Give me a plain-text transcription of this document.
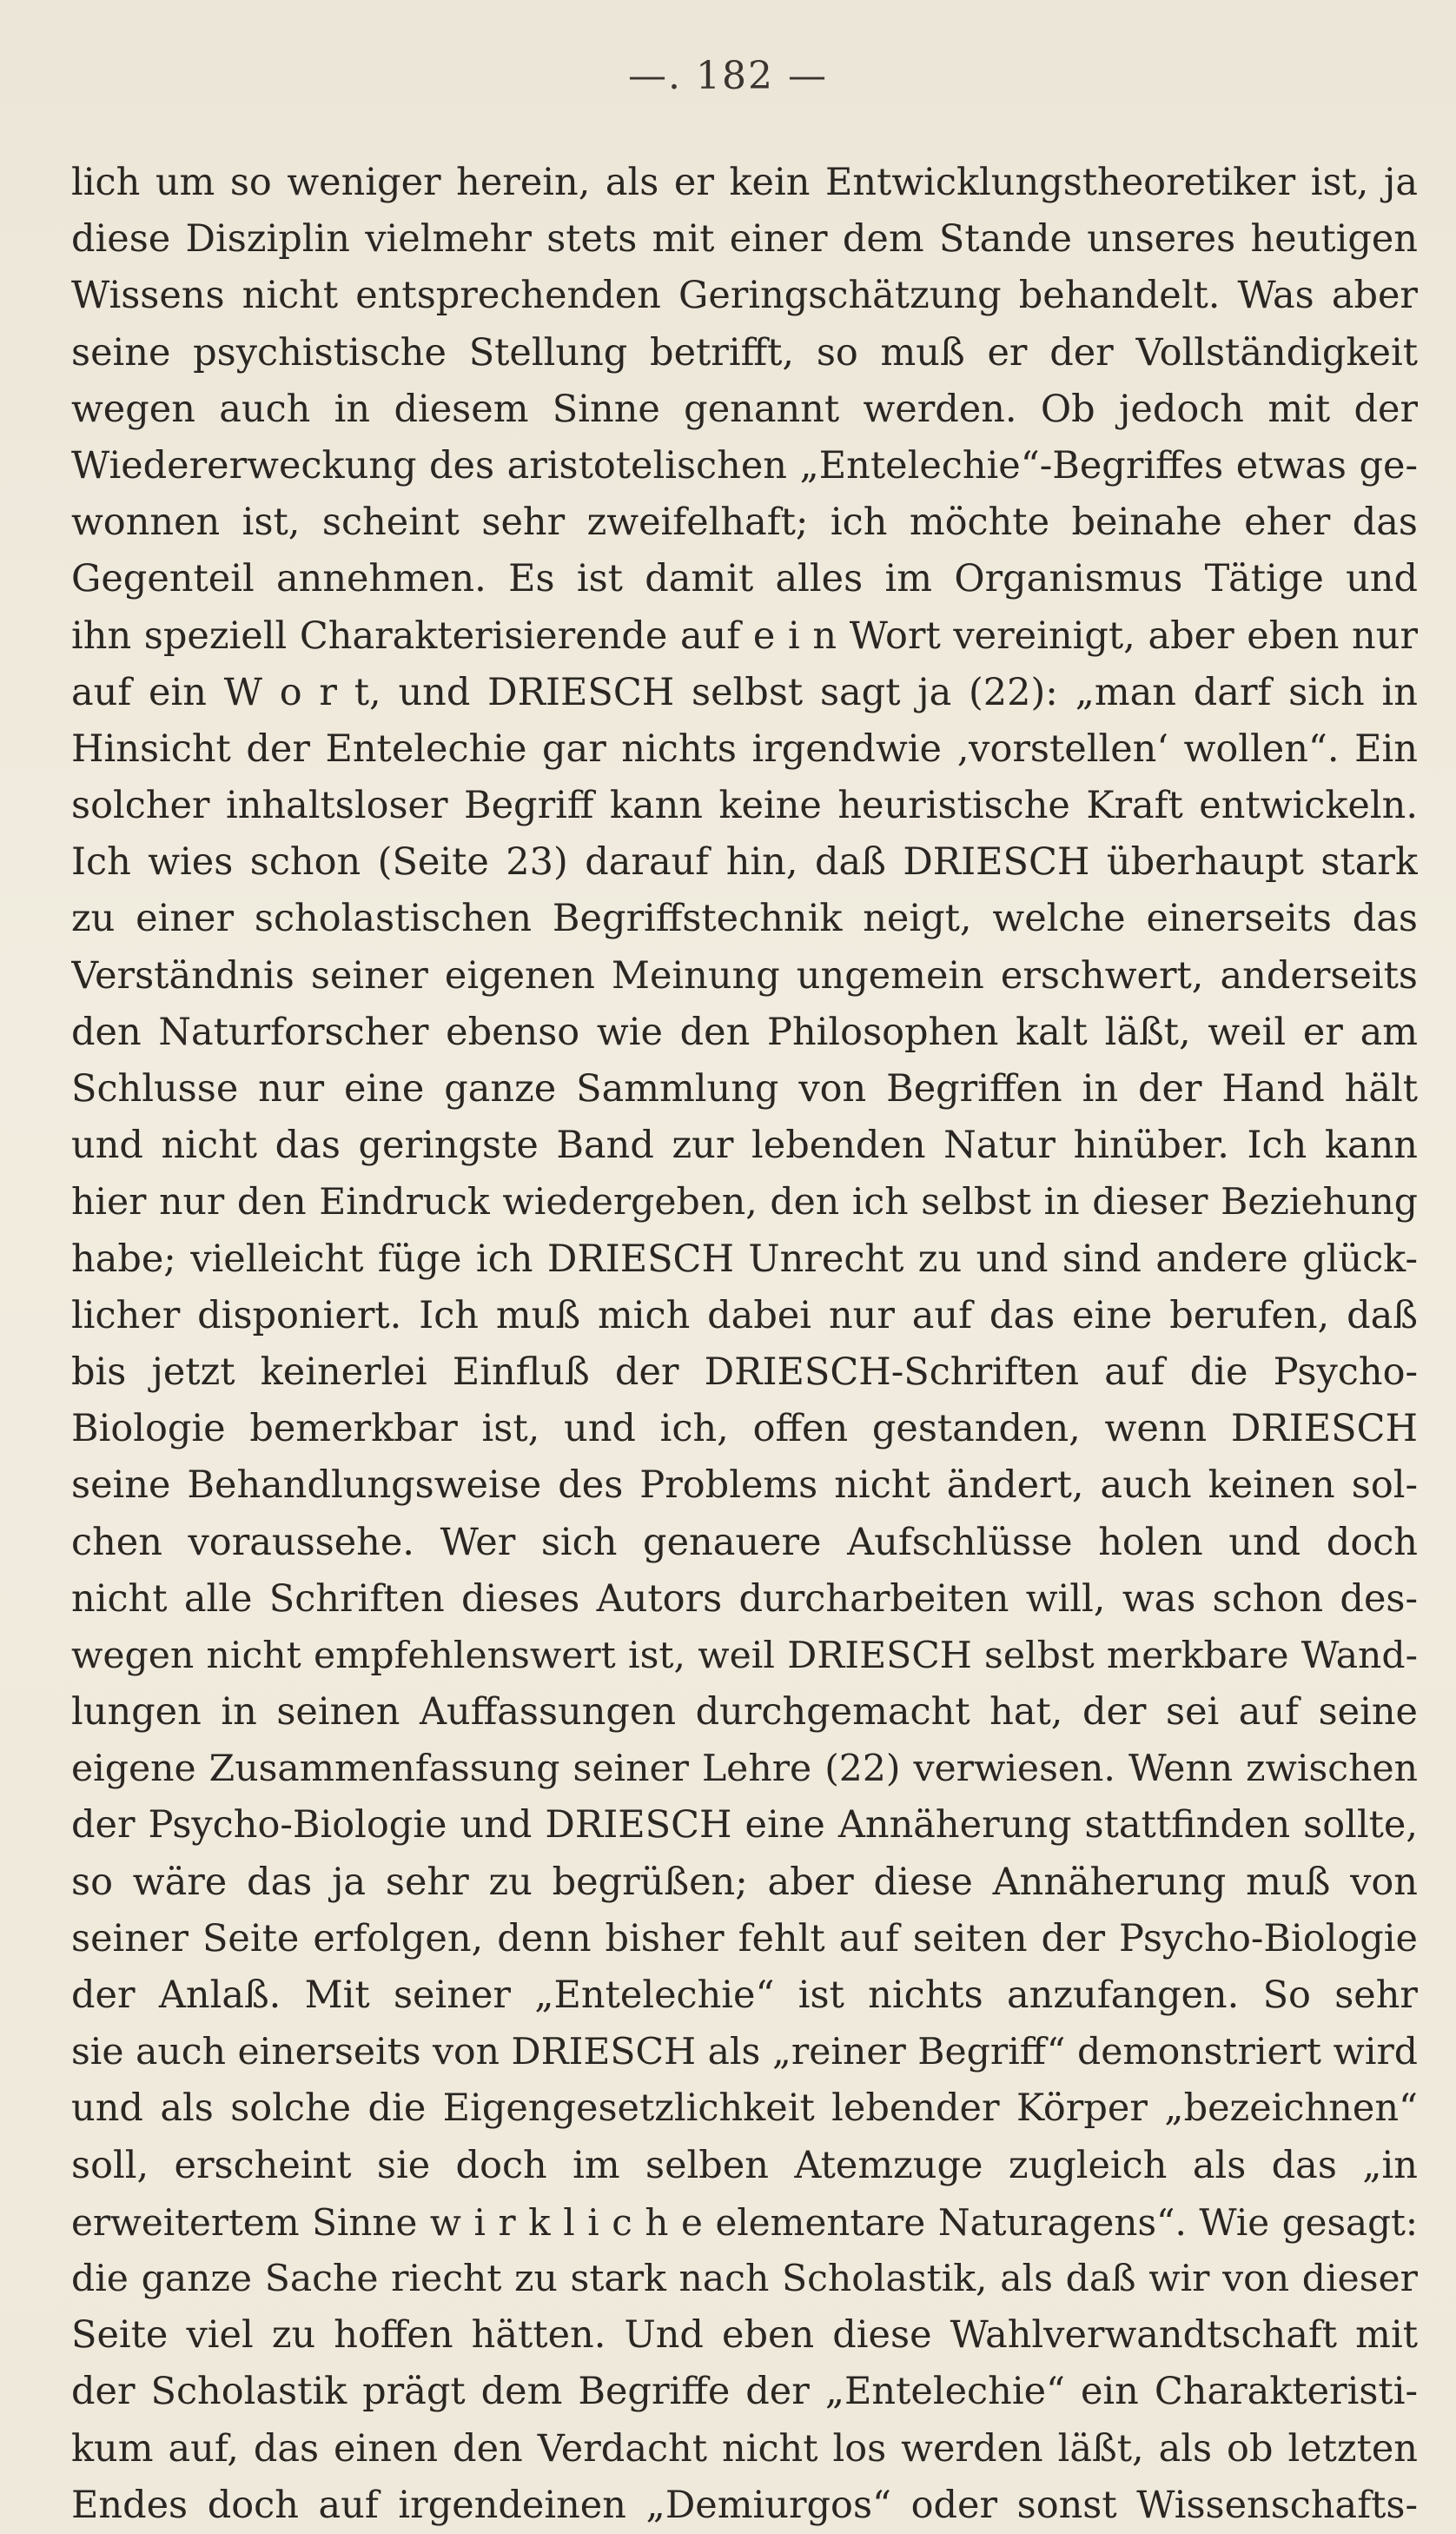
—. 182 —
lich um so weniger herein, als er kein Entwicklungstheoretiker ist, ja
diese Disziplin vielmehr stets mit einer dem Stande unseres heutigen
Wissens nicht entsprechenden Geringschätzung behandelt. Was aber
seine psychistische Stellung betrifft, so muß er der Vollständigkeit
wegen auch in diesem Sinne genannt werden. Ob jedoch mit der
Wiedererweckung des aristotelischen „Entelechie“-Begriffes etwas ge-
wonnen ist, scheint sehr zweifelhaft; ich möchte beinahe eher das
Gegenteil annehmen. Es ist damit alles im Organismus Tätige und
ihn speziell Charakterisierende auf e i n Wort vereinigt, aber eben nur
auf ein W o r t, und DRIESCH selbst sagt ja (22): „man darf sich in
Hinsicht der Entelechie gar nichts irgendwie ‚vorstellen‘ wollen“. Ein
solcher inhaltsloser Begriff kann keine heuristische Kraft entwickeln.
Ich wies schon (Seite 23) darauf hin, daß DRIESCH überhaupt stark
zu einer scholastischen Begriffstechnik neigt, welche einerseits das
Verständnis seiner eigenen Meinung ungemein erschwert, anderseits
den Naturforscher ebenso wie den Philosophen kalt läßt, weil er am
Schlusse nur eine ganze Sammlung von Begriffen in der Hand hält
und nicht das geringste Band zur lebenden Natur hinüber. Ich kann
hier nur den Eindruck wiedergeben, den ich selbst in dieser Beziehung
habe; vielleicht füge ich DRIESCH Unrecht zu und sind andere glück-
licher disponiert. Ich muß mich dabei nur auf das eine berufen, daß
bis jetzt keinerlei Einfluß der DRIESCH-Schriften auf die Psycho-
Biologie bemerkbar ist, und ich, offen gestanden, wenn DRIESCH
seine Behandlungsweise des Problems nicht ändert, auch keinen sol-
chen voraussehe. Wer sich genauere Aufschlüsse holen und doch
nicht alle Schriften dieses Autors durcharbeiten will, was schon des-
wegen nicht empfehlenswert ist, weil DRIESCH selbst merkbare Wand-
lungen in seinen Auffassungen durchgemacht hat, der sei auf seine
eigene Zusammenfassung seiner Lehre (22) verwiesen. Wenn zwischen
der Psycho-Biologie und DRIESCH eine Annäherung stattfinden sollte,
so wäre das ja sehr zu begrüßen; aber diese Annäherung muß von
seiner Seite erfolgen, denn bisher fehlt auf seiten der Psycho-Biologie
der Anlaß. Mit seiner „Entelechie“ ist nichts anzufangen. So sehr
sie auch einerseits von DRIESCH als „reiner Begriff“ demonstriert wird
und als solche die Eigengesetzlichkeit lebender Körper „bezeichnen“
soll, erscheint sie doch im selben Atemzuge zugleich als das „in
erweitertem Sinne w i r k l i c h e elementare Naturagens“. Wie gesagt:
die ganze Sache riecht zu stark nach Scholastik, als daß wir von dieser
Seite viel zu hoffen hätten. Und eben diese Wahlverwandtschaft mit
der Scholastik prägt dem Begriffe der „Entelechie“ ein Charakteristi-
kum auf, das einen den Verdacht nicht los werden läßt, als ob letzten
Endes doch auf irgendeinen „Demiurgos“ oder sonst Wissenschafts-
